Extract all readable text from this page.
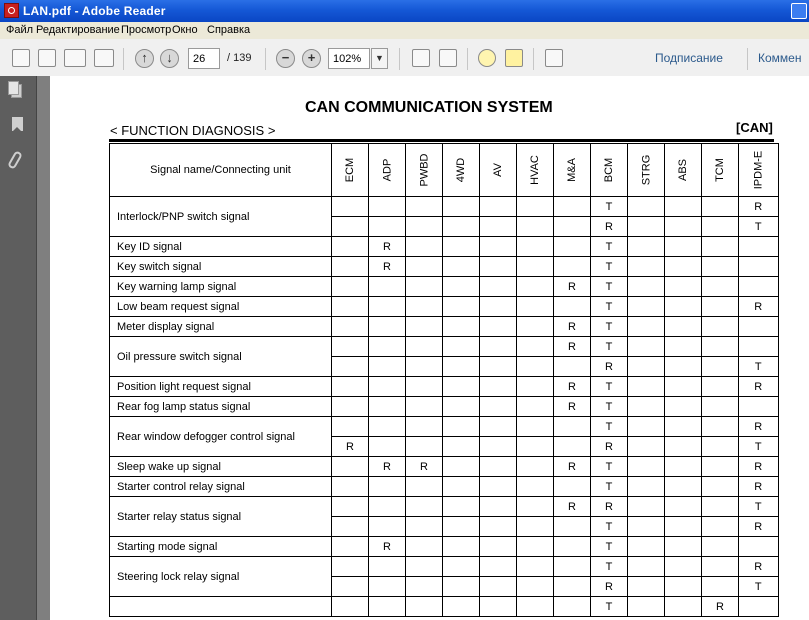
LAN.pdf - Adobe Reader
Файл Редактирование Просмотр Окно Справка
↑	↓	26	/ 139	−	+	102%	▼	Подписание	Коммен
CAN COMMUNICATION SYSTEM
< FUNCTION DIAGNOSIS >	[CAN]
Signal name/Connecting unit	ECM	ADP	PWBD	4WD	AV	HVAC	M&A	BCM	STRG	ABS	TCM	IPDM-E
Interlock/PNP switch signal								T				R
								R				T
Key ID signal		R						T				
Key switch signal		R						T				
Key warning lamp signal							R	T				
Low beam request signal								T				R
Meter display signal							R	T				
Oil pressure switch signal							R	T				
								R				T
Position light request signal							R	T				R
Rear fog lamp status signal							R	T				
Rear window defogger control signal								T				R
	R							R				T
Sleep wake up signal		R	R				R	T				R
Starter control relay signal								T				R
Starter relay status signal							R	R				T
								T				R
Starting mode signal		R						T				
Steering lock relay signal								T				R
								R				T
								T			R	
